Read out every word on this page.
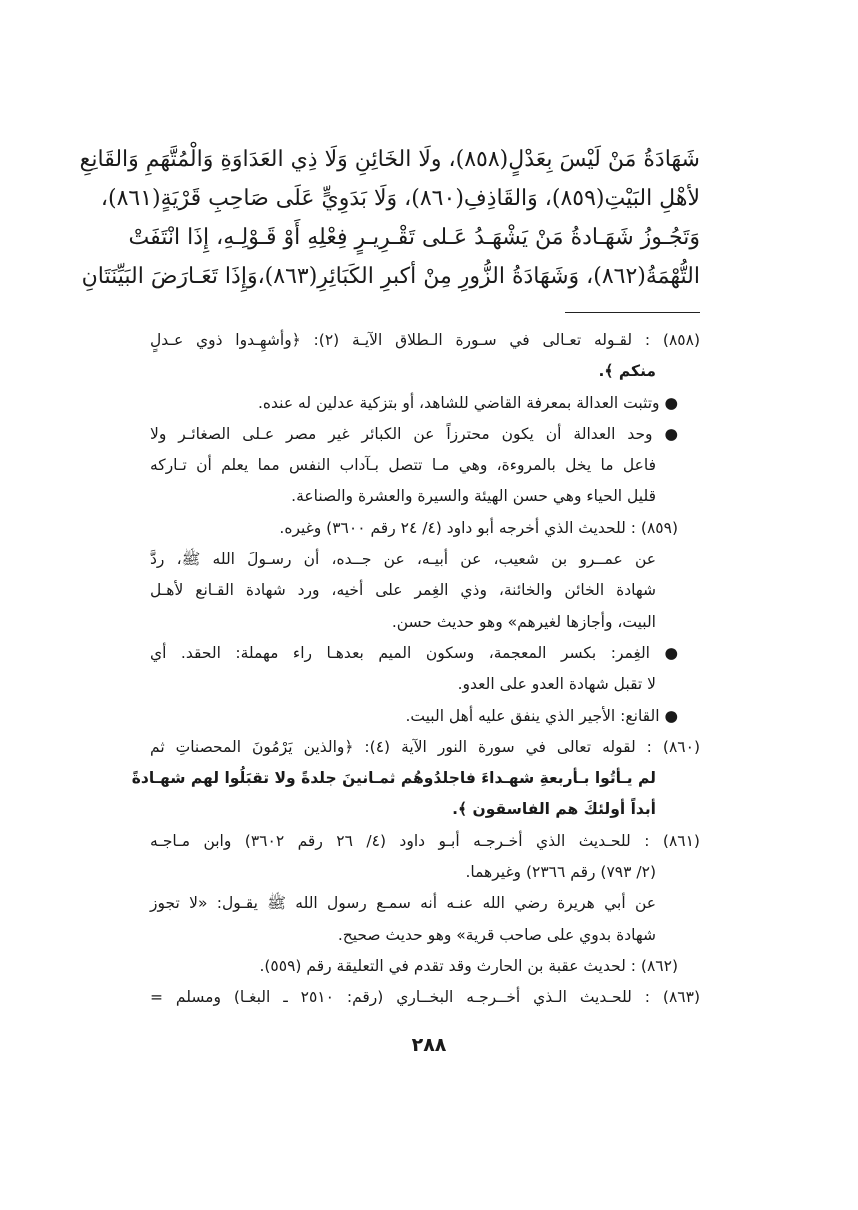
شَهَادَةُ مَنْ لَيْسَ بِعَدْلٍ(٨٥٨)، ولَا الخَائِنِ وَلَا ذِي العَدَاوَةِ وَالْمُتَّهَمِ وَالقَانِعِ
لأهْلِ البَيْتِ(٨٥٩)، وَالقَاذِفِ(٨٦٠)، وَلَا بَدَوِيٍّ عَلَى صَاحِبِ قَرْيَةٍ(٨٦١)،
وَتَجُـوزُ شَهَـادةُ مَنْ يَشْهَـدُ عَـلى تَقْـرِيـرٍ فِعْلِهِ أَوْ قَـوْلِـهِ، إِذَا انْتَفَتْ
التُّهْمَةُ(٨٦٢)، وَشَهَادَةُ الزُّورِ مِنْ أكبرِ الكَبَائِرِ(٨٦٣)،وَإِذَا تَعَـارَضَ البَيِّنَتَانِ
(٨٥٨) : لقـوله تعـالى في سـورة الـطلاق الآيـة (٢): ﴿وأشهِـدوا ذوي عـدلٍ
منكم ﴾.
● وتثبت العدالة بمعرفة القاضي للشاهد، أو بتزكية عدلين له عنده.
● وحد العدالة أن يكون محترزاً عن الكبائر غير مصر عـلى الصغائـر ولا
فاعل ما يخل بالمروءة، وهي مـا تتصل بـآداب النفس مما يعلم أن تـاركه
قليل الحياء وهي حسن الهيئة والسيرة والعشرة والصناعة.
(٨٥٩) : للحديث الذي أخرجه أبو داود (٤/ ٢٤ رقم ٣٦٠٠) وغيره.
عن عمــرو بن شعيب، عن أبيـه، عن جــده، أن رسـولَ الله ﷺ، ردَّ
شهادة الخائن والخائنة، وذي الغِمر على أخيه، ورد شهادة القـانع لأهـل
البيت، وأجازها لغيرهم» وهو حديث حسن.
● الغِمر: بكسر المعجمة، وسكون الميم بعدهـا راء مهملة: الحقد. أي
لا تقبل شهادة العدو على العدو.
● القانع: الأجير الذي ينفق عليه أهل البيت.
(٨٦٠) : لقوله تعالى في سورة النور الآية (٤): ﴿والذين يَرْمُونَ المحصناتِ ثم
لم يـأتُوا بـأربعةِ شهـداءَ فاجلدُوهُم ثمـانينَ جلدةً ولا تقبَلُوا لهم شهـادةً
أبداً أولئكَ هم الفاسقون ﴾.
(٨٦١) : للحـديث الذي أخـرجـه أبـو داود (٤/ ٢٦ رقم ٣٦٠٢) وابن مـاجـه
(٢/ ٧٩٣) رقم ٢٣٦٦) وغيرهما.
عن أبي هريرة رضي الله عنـه أنه سمـع رسول الله ﷺ يقـول: «لا تجوز
شهادة بدوي على صاحب قرية» وهو حديث صحيح.
(٨٦٢) : لحديث عقبة بن الحارث وقد تقدم في التعليقة رقم (٥٥٩).
(٨٦٣) : للحـديث الـذي أخــرجـه البخــاري (رقم: ٢٥١٠ ـ البغـا) ومسلم =
٢٨٨
